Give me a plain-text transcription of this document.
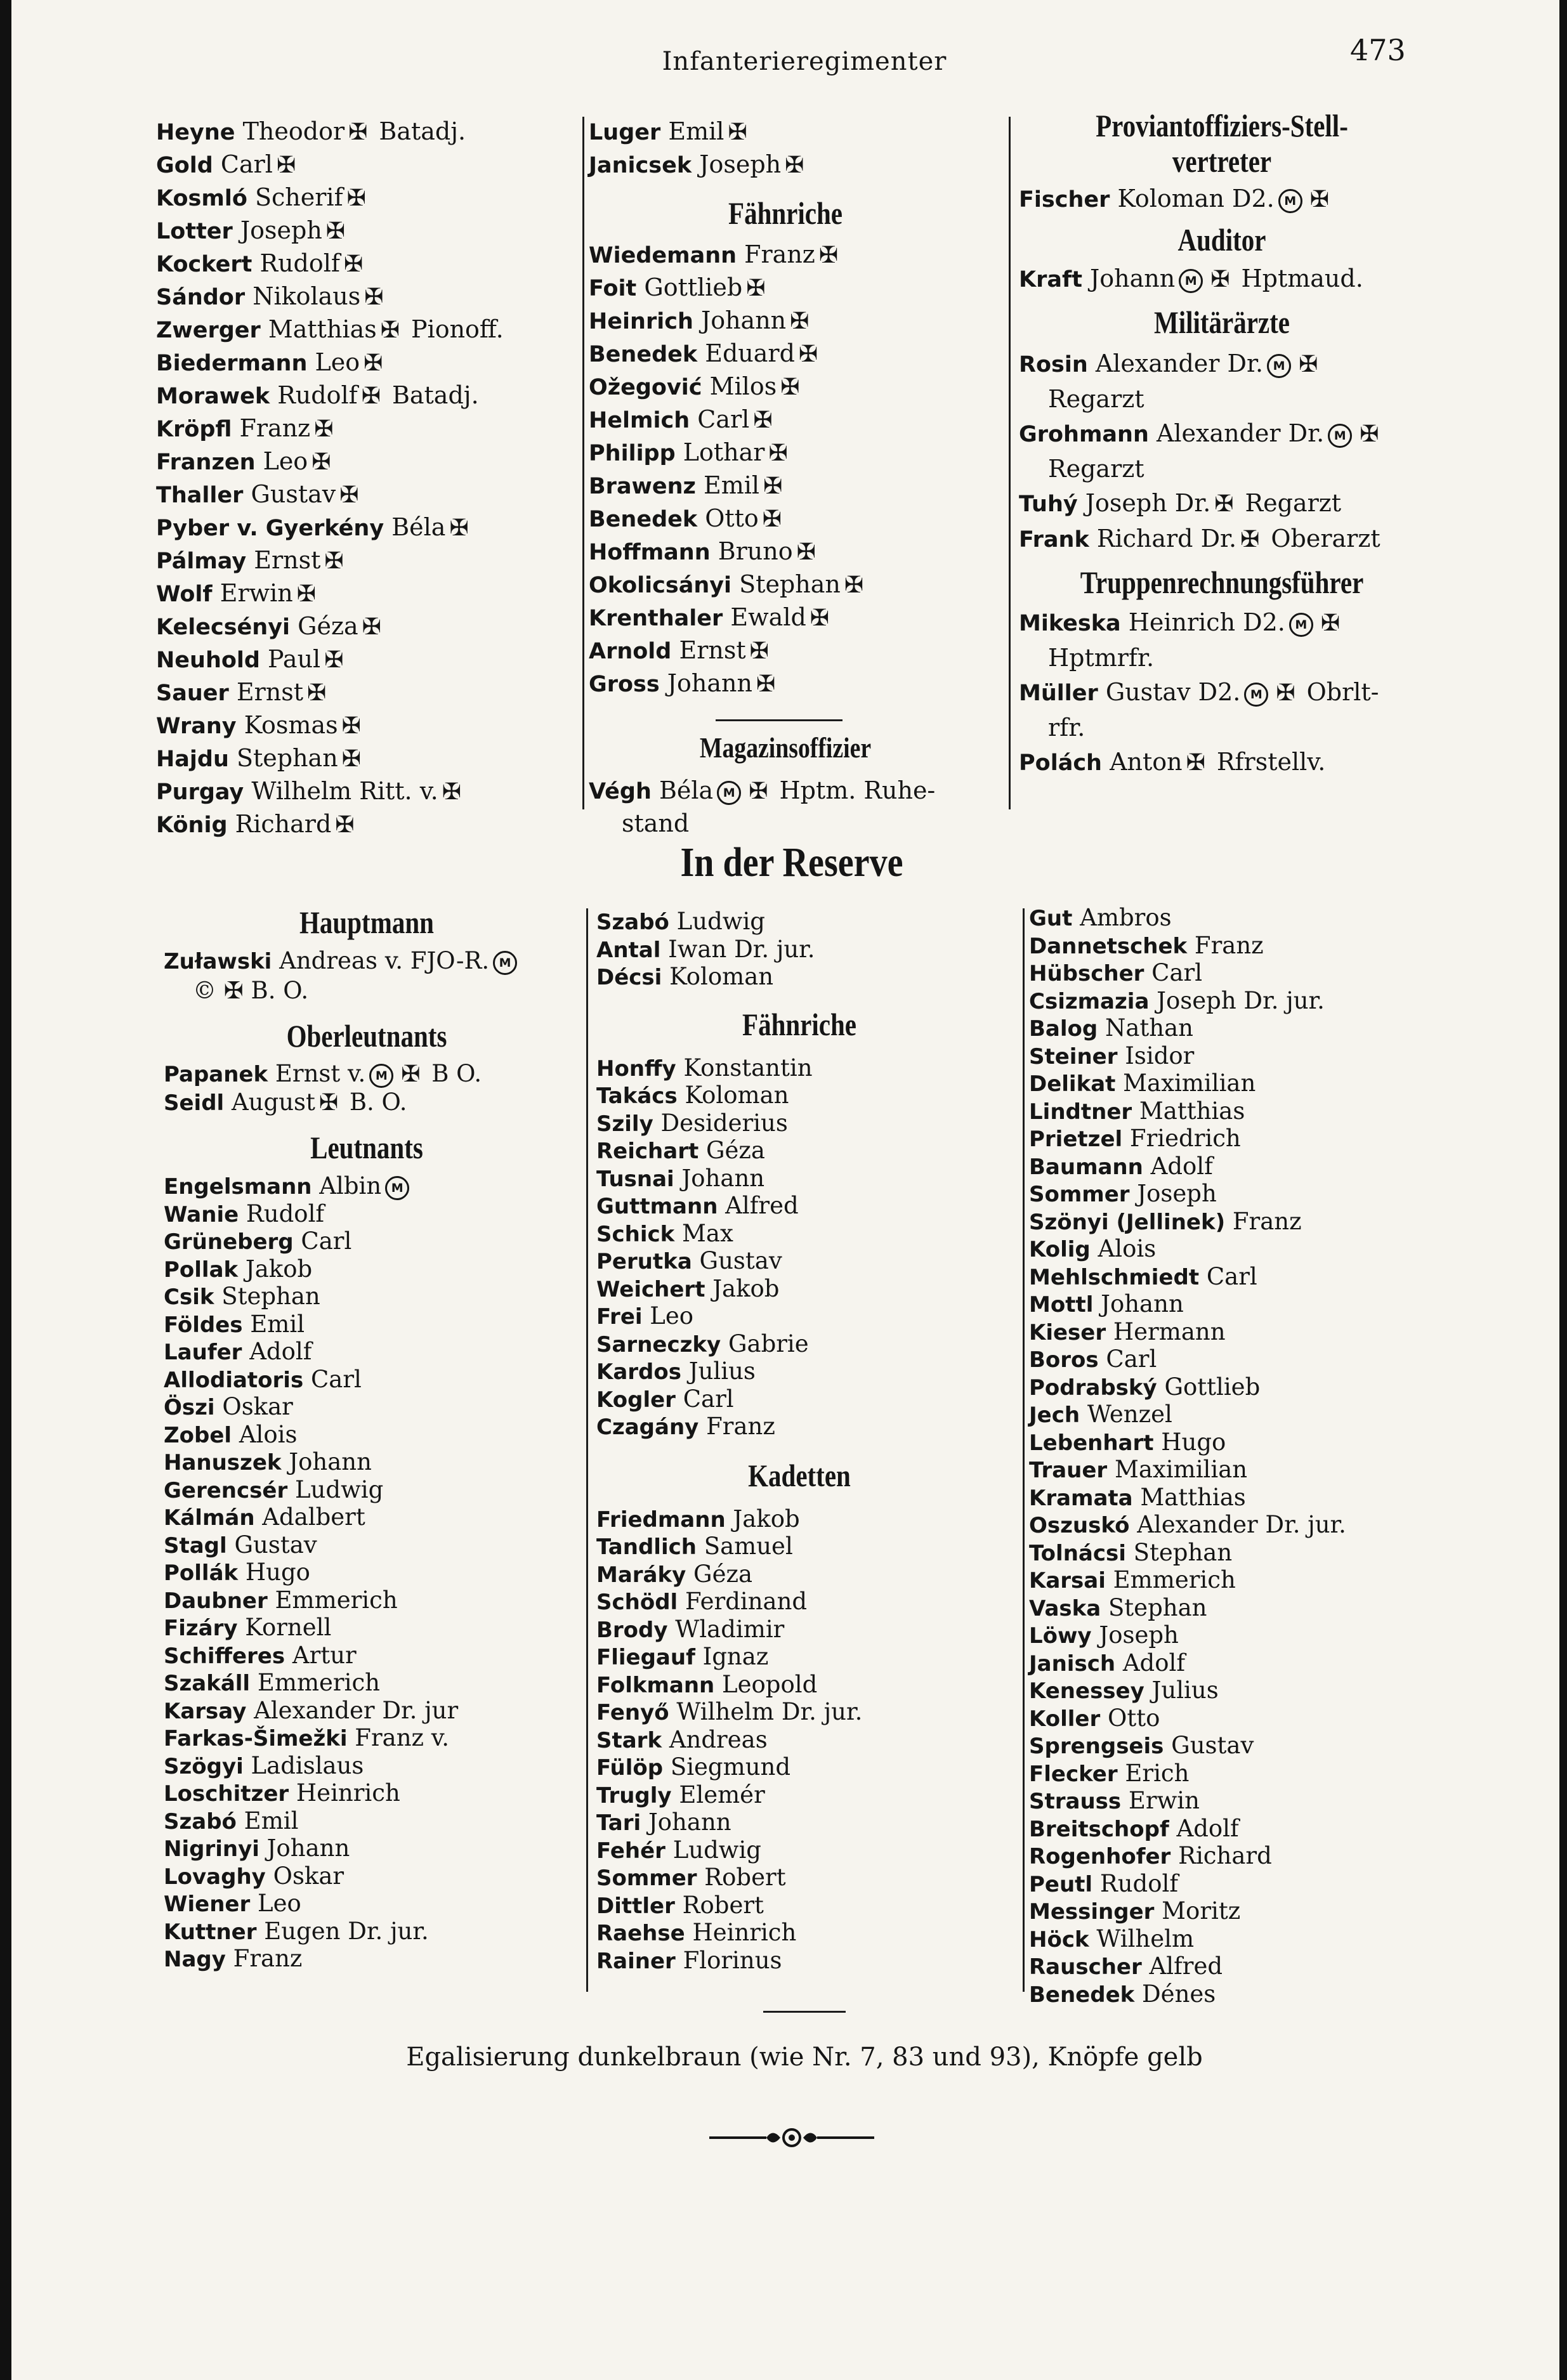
Infanterieregimenter	473
Heyne Theodor ✠ Batadj.
Gold Carl ✠
Kosmló Scherif ✠
Lotter Joseph ✠
Kockert Rudolf ✠
Sándor Nikolaus ✠
Zwerger Matthias ✠ Pionoff.
Biedermann Leo ✠
Morawek Rudolf ✠ Batadj.
Kröpfl Franz ✠
Franzen Leo ✠
Thaller Gustav ✠
Pyber v. Gyerkény Béla ✠
Pálmay Ernst ✠
Wolf Erwin ✠
Kelecsényi Géza ✠
Neuhold Paul ✠
Sauer Ernst ✠
Wrany Kosmas ✠
Hajdu Stephan ✠
Purgay Wilhelm Ritt. v. ✠
König Richard ✠
Luger Emil ✠
Janicsek Joseph ✠
Fähnriche
Wiedemann Franz ✠
Foit Gottlieb ✠
Heinrich Johann ✠
Benedek Eduard ✠
Ožegović Milos ✠
Helmich Carl ✠
Philipp Lothar ✠
Brawenz Emil ✠
Benedek Otto ✠
Hoffmann Bruno ✠
Okolicsányi Stephan ✠
Krenthaler Ewald ✠
Arnold Ernst ✠
Gross Johann ✠
Magazinsoffizier
Végh Béla M ✠ Hptm. Ruhe-
stand
Proviantoffiziers-Stell-
vertreter
Fischer Koloman D2. M ✠
Auditor
Kraft Johann M ✠ Hptmaud.
Militärärzte
Rosin Alexander Dr. M ✠
Regarzt
Grohmann Alexander Dr. M ✠
Regarzt
Tuhý Joseph Dr. ✠ Regarzt
Frank Richard Dr. ✠ Oberarzt
Truppenrechnungsführer
Mikeska Heinrich D2. M ✠
Hptmrfr.
Müller Gustav D2. M ✠ Obrlt-
rfr.
Polách Anton ✠ Rfrstellv.
In der Reserve
Hauptmann
Zuławski Andreas v. FJO-R. M
© ✠ B. O.
Oberleutnants
Papanek Ernst v. M ✠ B O.
Seidl August ✠ B. O.
Leutnants
Engelsmann Albin M
Wanie Rudolf
Grüneberg Carl
Pollak Jakob
Csik Stephan
Földes Emil
Laufer Adolf
Allodiatoris Carl
Öszi Oskar
Zobel Alois
Hanuszek Johann
Gerencsér Ludwig
Kálmán Adalbert
Stagl Gustav
Pollák Hugo
Daubner Emmerich
Fizáry Kornell
Schifferes Artur
Szakáll Emmerich
Karsay Alexander Dr. jur
Farkas-Šimežki Franz v.
Szögyi Ladislaus
Loschitzer Heinrich
Szabó Emil
Nigrinyi Johann
Lovaghy Oskar
Wiener Leo
Kuttner Eugen Dr. jur.
Nagy Franz
Szabó Ludwig
Antal Iwan Dr. jur.
Décsi Koloman
Fähnriche
Honffy Konstantin
Takács Koloman
Szily Desiderius
Reichart Géza
Tusnai Johann
Guttmann Alfred
Schick Max
Perutka Gustav
Weichert Jakob
Frei Leo
Sarneczky Gabrie
Kardos Julius
Kogler Carl
Czagány Franz
Kadetten
Friedmann Jakob
Tandlich Samuel
Maráky Géza
Schödl Ferdinand
Brody Wladimir
Fliegauf Ignaz
Folkmann Leopold
Fenyő Wilhelm Dr. jur.
Stark Andreas
Fülöp Siegmund
Trugly Elemér
Tari Johann
Fehér Ludwig
Sommer Robert
Dittler Robert
Raehse Heinrich
Rainer Florinus
Gut Ambros
Dannetschek Franz
Hübscher Carl
Csizmazia Joseph Dr. jur.
Balog Nathan
Steiner Isidor
Delikat Maximilian
Lindtner Matthias
Prietzel Friedrich
Baumann Adolf
Sommer Joseph
Szönyi (Jellinek) Franz
Kolig Alois
Mehlschmiedt Carl
Mottl Johann
Kieser Hermann
Boros Carl
Podrabský Gottlieb
Jech Wenzel
Lebenhart Hugo
Trauer Maximilian
Kramata Matthias
Oszuskó Alexander Dr. jur.
Tolnácsi Stephan
Karsai Emmerich
Vaska Stephan
Löwy Joseph
Janisch Adolf
Kenessey Julius
Koller Otto
Sprengseis Gustav
Flecker Erich
Strauss Erwin
Breitschopf Adolf
Rogenhofer Richard
Peutl Rudolf
Messinger Moritz
Höck Wilhelm
Rauscher Alfred
Benedek Dénes
Egalisierung dunkelbraun (wie Nr. 7, 83 und 93), Knöpfe gelb
